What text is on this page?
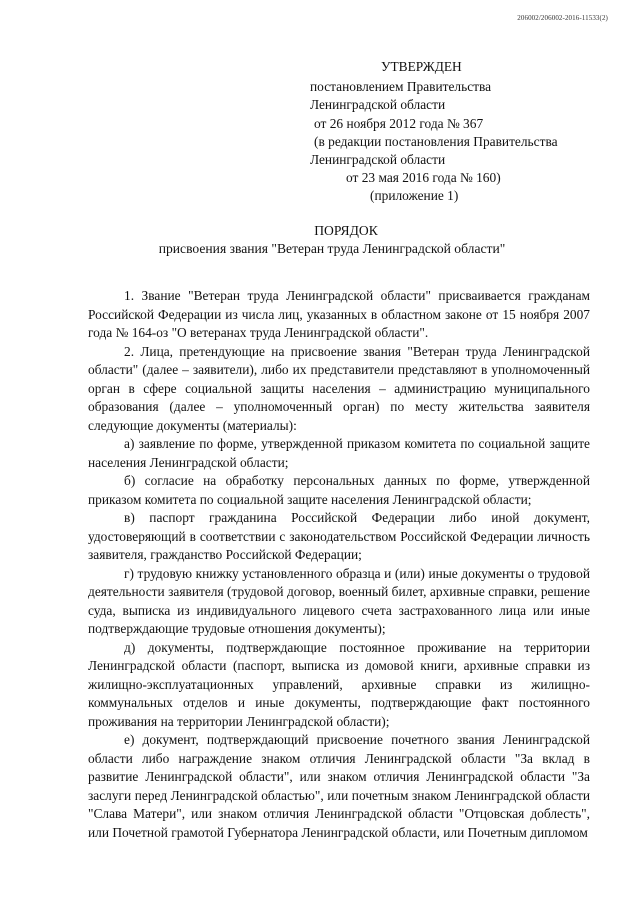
206002/206002-2016-11533(2)
УТВЕРЖДЕН
постановлением Правительства
Ленинградской области
от 26 ноября 2012 года № 367
(в редакции постановления Правительства
Ленинградской области
от 23 мая 2016 года № 160)
(приложение 1)
ПОРЯДОК
присвоения звания "Ветеран труда Ленинградской области"

1. Звание "Ветеран труда Ленинградской области" присваивается гражданам Российской Федерации из числа лиц, указанных в областном законе от 15 ноября 2007 года № 164-оз "О ветеранах труда Ленинградской области".

2. Лица, претендующие на присвоение звания "Ветеран труда Ленинградской области" (далее – заявители), либо их представители представляют в уполномоченный орган в сфере социальной защиты населения – администрацию муниципального образования (далее – уполномоченный орган) по месту жительства заявителя следующие документы (материалы):

а) заявление по форме, утвержденной приказом комитета по социальной защите населения Ленинградской области;

б) согласие на обработку персональных данных по форме, утвержденной приказом комитета по социальной защите населения Ленинградской области;

в) паспорт гражданина Российской Федерации либо иной документ, удостоверяющий в соответствии с законодательством Российской Федерации личность заявителя, гражданство Российской Федерации;

г) трудовую книжку установленного образца и (или) иные документы о трудовой деятельности заявителя (трудовой договор, военный билет, архивные справки, решение суда, выписка из индивидуального лицевого счета застрахованного лица или иные подтверждающие трудовые отношения документы);

д) документы, подтверждающие постоянное проживание на территории Ленинградской области (паспорт, выписка из домовой книги, архивные справки из жилищно-эксплуатационных управлений, архивные справки из жилищно-коммунальных отделов и иные документы, подтверждающие факт постоянного проживания на территории Ленинградской области);

е) документ, подтверждающий присвоение почетного звания Ленинградской области либо награждение знаком отличия Ленинградской области "За вклад в развитие Ленинградской области", или знаком отличия Ленинградской области "За заслуги перед Ленинградской областью", или почетным знаком Ленинградской области "Слава Матери", или знаком отличия Ленинградской области "Отцовская доблесть", или Почетной грамотой Губернатора Ленинградской области, или Почетным дипломом
